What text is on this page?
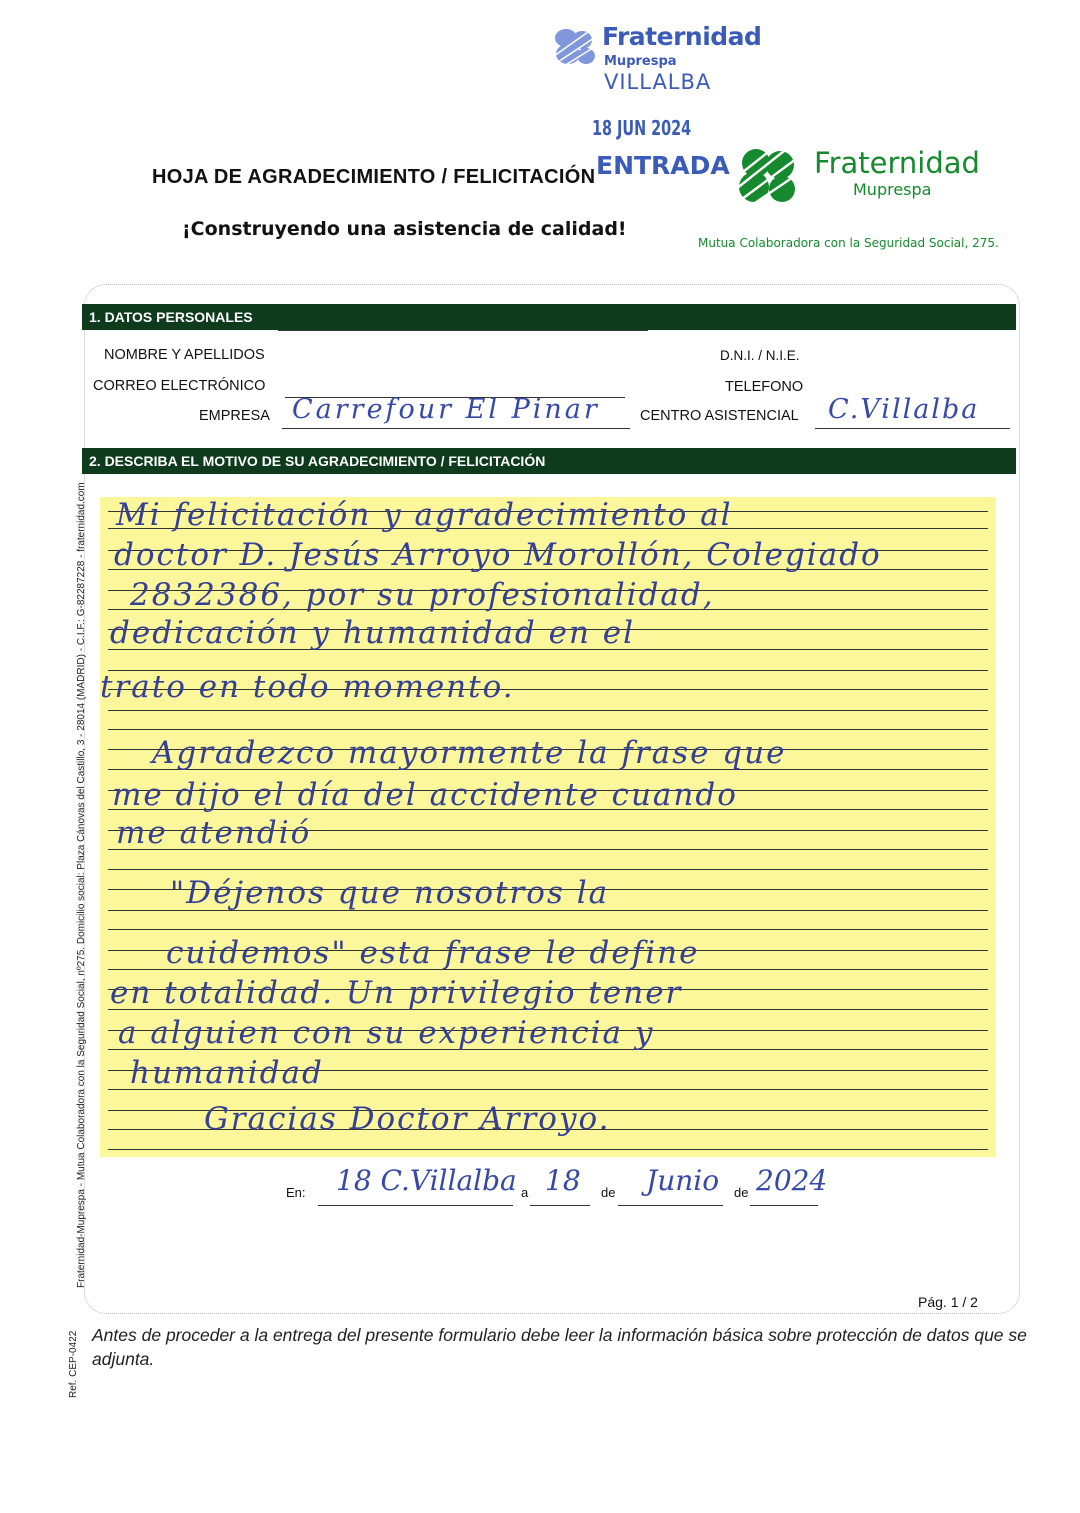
Fraternidad
Muprespa
VILLALBA
18 JUN 2024
ENTRADA
HOJA DE AGRADECIMIENTO / FELICITACIÓN
¡Construyendo una asistencia de calidad!
Fraternidad
Muprespa
Mutua Colaboradora con la Seguridad Social, 275.
1. DATOS PERSONALES
NOMBRE Y APELLIDOS	D.N.I. / N.I.E.
CORREO ELECTRÓNICO	TELEFONO
EMPRESA Carrefour El Pinar	CENTRO ASISTENCIAL C.Villalba
2. DESCRIBA EL MOTIVO DE SU AGRADECIMIENTO / FELICITACIÓN
Mi felicitación y agradecimiento al
doctor D. Jesús Arroyo Morollón, Colegiado
2832386, por su profesionalidad,
dedicación y humanidad en el
trato en todo momento.
Agradezco mayormente la frase que
me dijo el día del accidente cuando
me atendió
"Déjenos que nosotros la
cuidemos" esta frase le define
en totalidad. Un privilegio tener
a alguien con su experiencia y
humanidad
Gracias Doctor Arroyo.
En: 18 C.Villalba a 18 de Junio de 2024
Fraternidad-Muprespa - Mutua Colaboradora con la Seguridad Social, nº275. Domicilio social: Plaza Cánovas del Castillo, 3 - 28014 (MADRID) - C.I.F.: G-82287228 - fraternidad.com
Ref. CEP-0422
Pág. 1 / 2
Antes de proceder a la entrega del presente formulario debe leer la información básica sobre protección de datos que se adjunta.
